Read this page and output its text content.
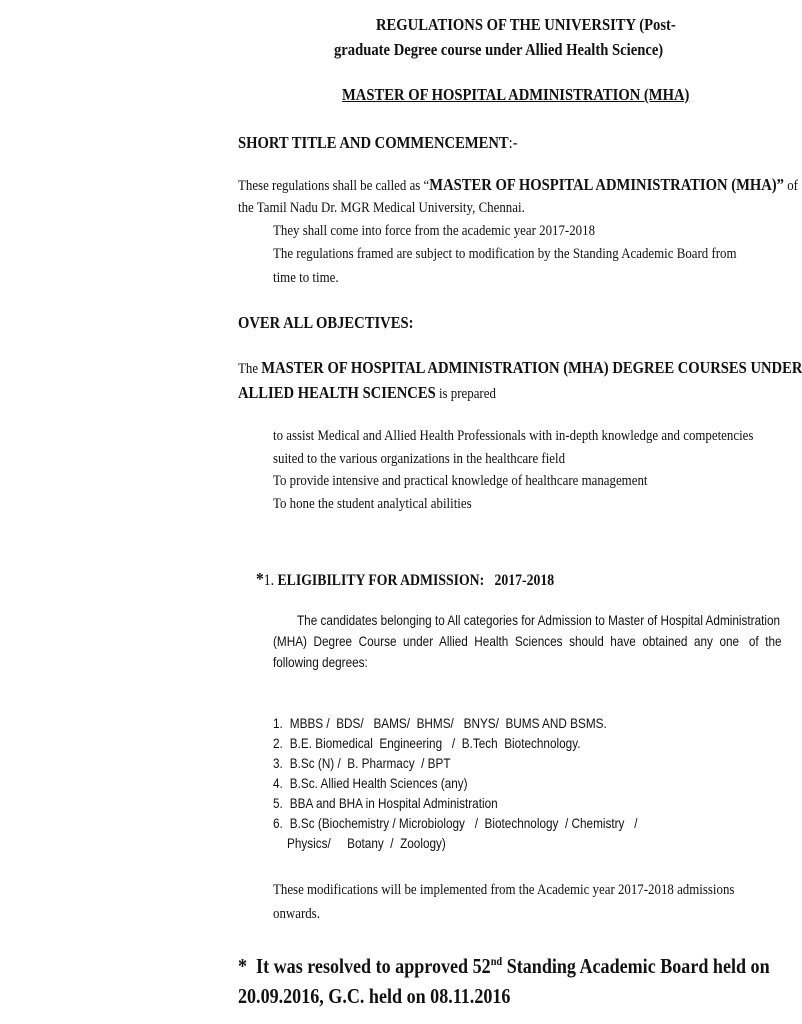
REGULATIONS OF THE UNIVERSITY (Post-
graduate Degree course under Allied Health Science)
MASTER OF HOSPITAL ADMINISTRATION (MHA)
SHORT TITLE AND COMMENCEMENT:-
These regulations shall be called as “MASTER OF HOSPITAL ADMINISTRATION (MHA)” of
the Tamil Nadu Dr. MGR Medical University, Chennai.
They shall come into force from the academic year 2017-2018
The regulations framed are subject to modification by the Standing Academic Board from
time to time.
OVER ALL OBJECTIVES:
The MASTER OF HOSPITAL ADMINISTRATION (MHA) DEGREE COURSES UNDER
ALLIED HEALTH SCIENCES is prepared
to assist Medical and Allied Health Professionals with in-depth knowledge and competencies
suited to the various organizations in the healthcare field
To provide intensive and practical knowledge of healthcare management
To hone the student analytical abilities
*1. ELIGIBILITY FOR ADMISSION: 2017-2018
The candidates belonging to All categories for Admission to Master of Hospital Administration
(MHA)  Degree  Course  under  Allied  Health  Sciences  should  have  obtained  any  one   of  the
following degrees:
1. MBBS /  BDS/   BAMS/  BHMS/   BNYS/  BUMS AND BSMS.
2. B.E. Biomedical  Engineering   /  B.Tech  Biotechnology.
3. B.Sc (N) /  B. Pharmacy  / BPT
4. B.Sc. Allied Health Sciences (any)
5. BBA and BHA in Hospital Administration
6. B.Sc (Biochemistry / Microbiology   /  Biotechnology  / Chemistry   /
Physics/     Botany  /  Zoology)
These modifications will be implemented from the Academic year 2017-2018 admissions
onwards.
*  It was resolved to approved 52nd Standing Academic Board held on
20.09.2016, G.C. held on 08.11.2016
